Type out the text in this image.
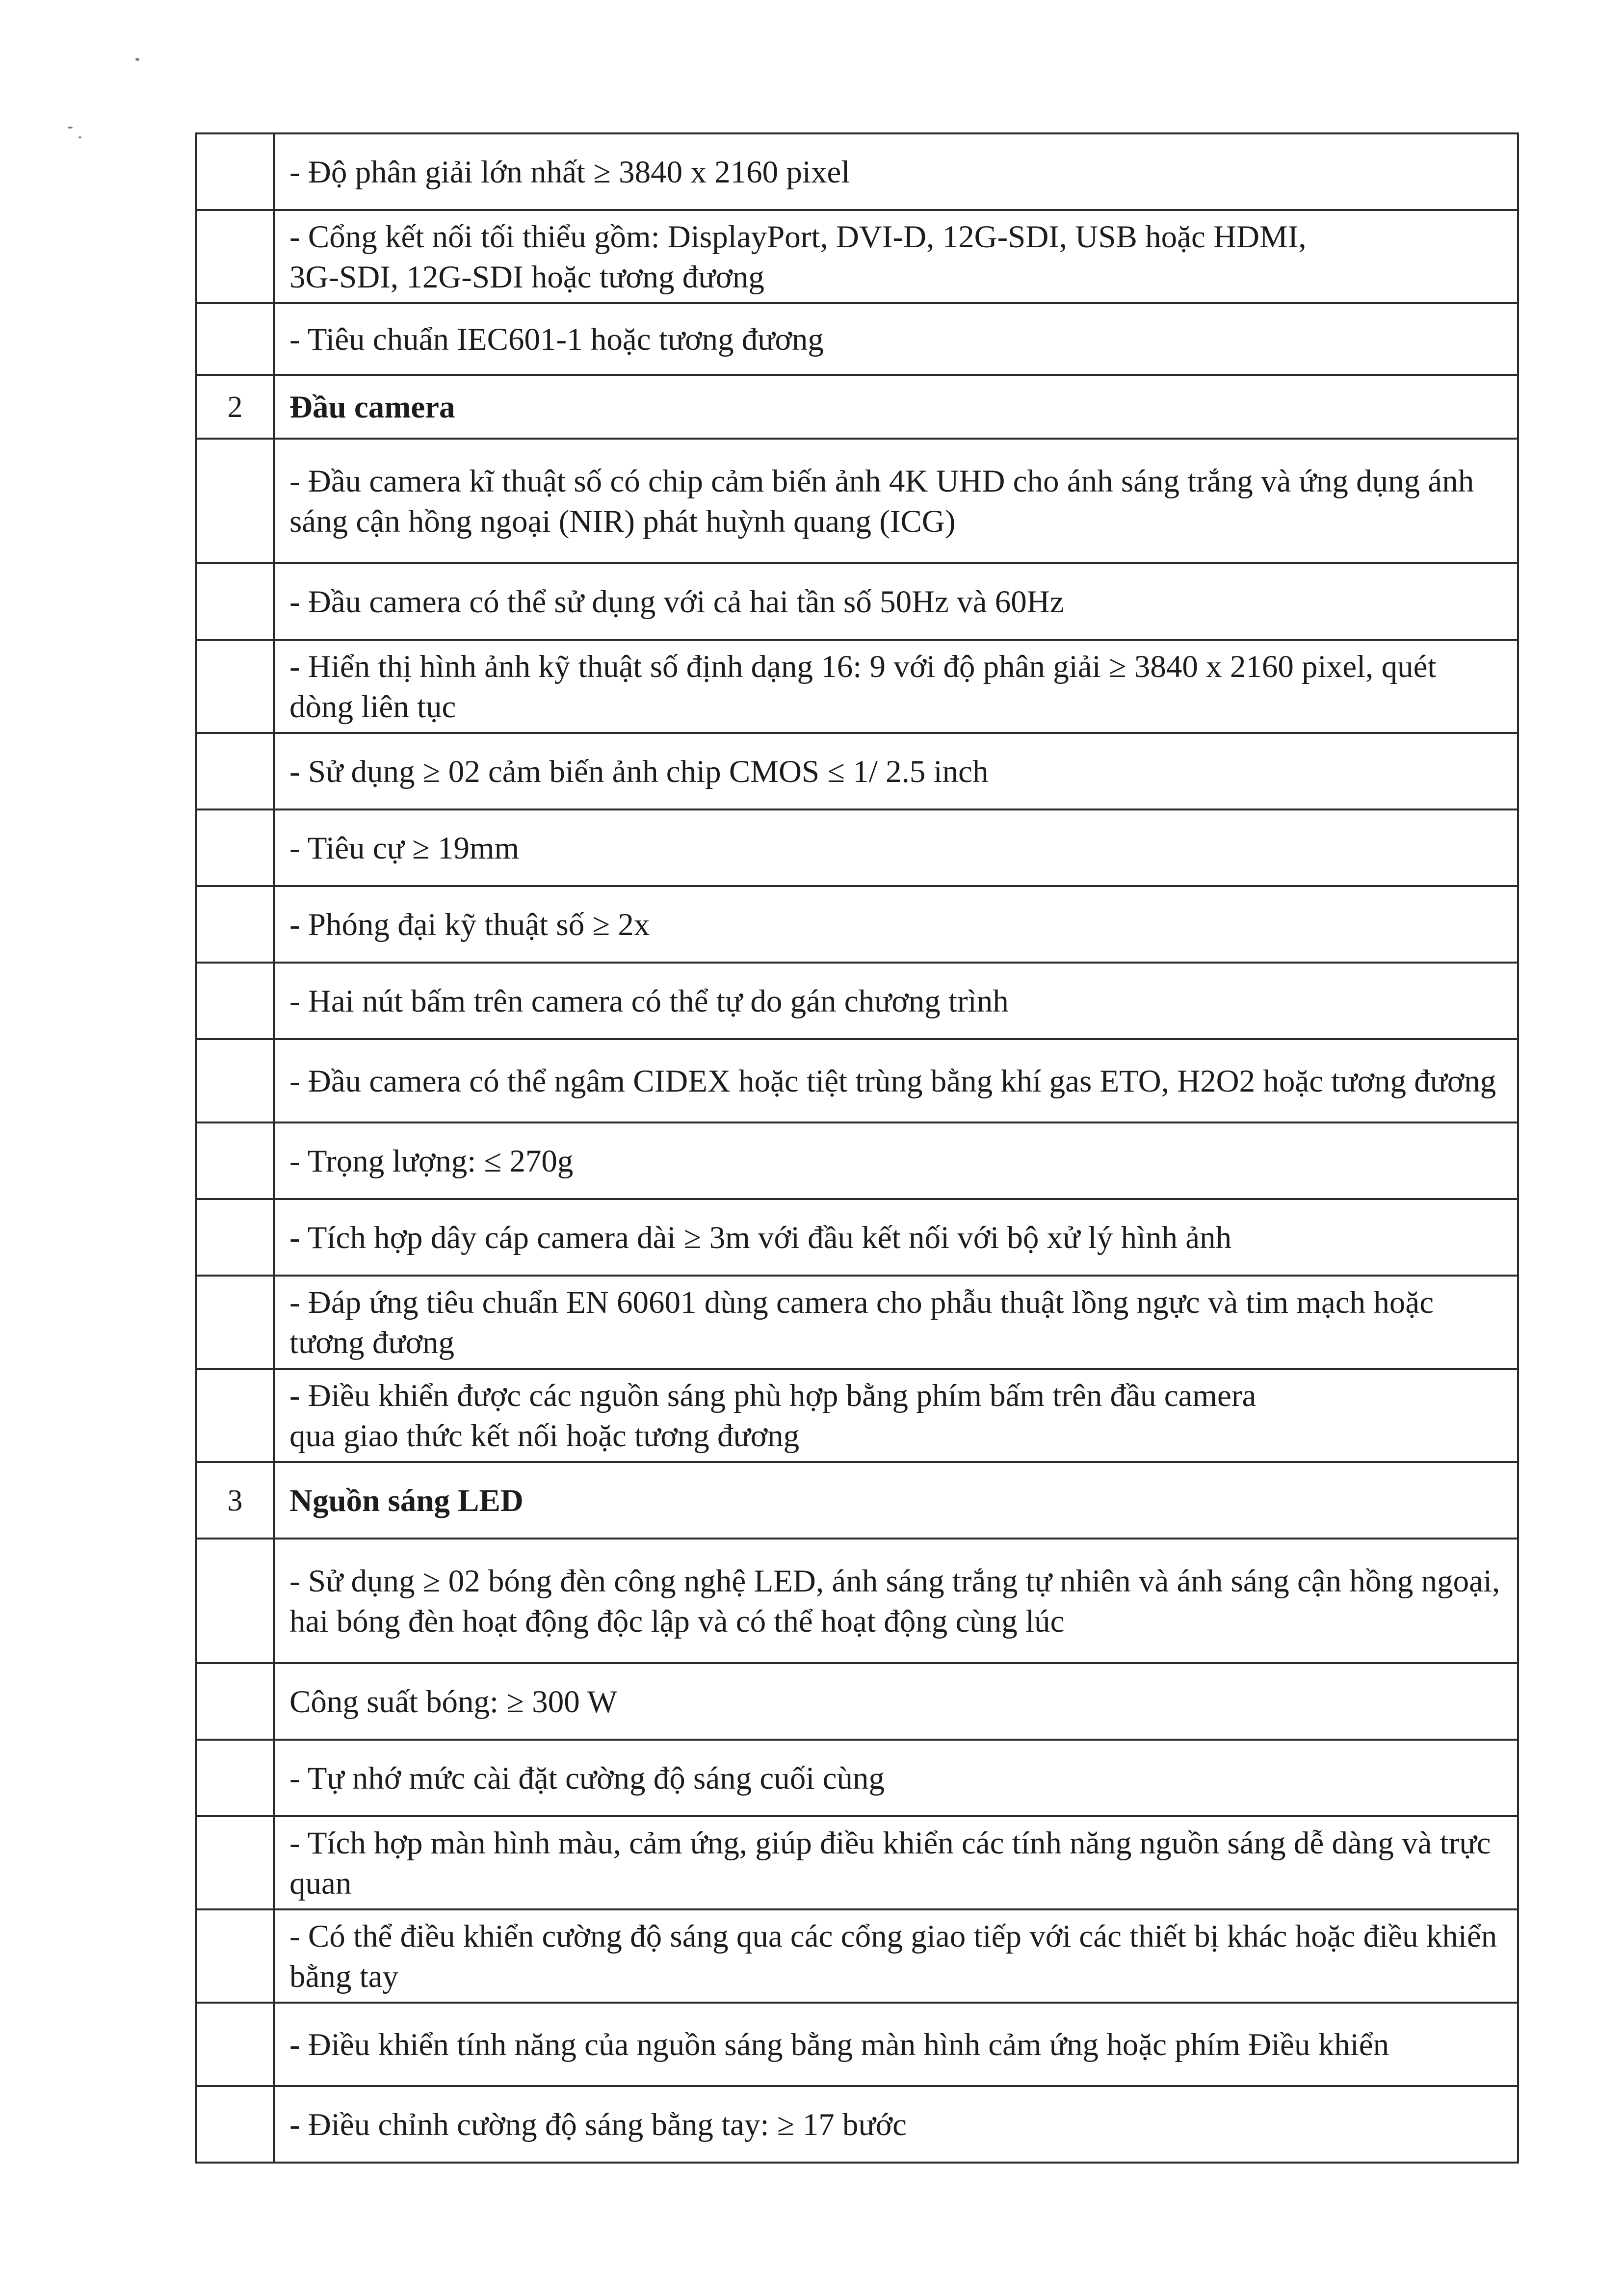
	- Độ phân giải lớn nhất ≥ 3840 x 2160 pixel
	- Cổng kết nối tối thiểu gồm: DisplayPort, DVI-D, 12G-SDI, USB hoặc HDMI,
3G-SDI, 12G-SDI hoặc tương đương
	- Tiêu chuẩn IEC601-1 hoặc tương đương
2	Đầu camera
	- Đầu camera kĩ thuật số có chip cảm biến ảnh 4K UHD cho ánh sáng trắng và ứng dụng ánh
sáng cận hồng ngoại (NIR) phát huỳnh quang (ICG)
	- Đầu camera có thể sử dụng với cả hai tần số 50Hz và 60Hz
	- Hiển thị hình ảnh kỹ thuật số định dạng 16: 9 với độ phân giải ≥ 3840 x 2160 pixel, quét dòng liên tục
	- Sử dụng ≥ 02 cảm biến ảnh chip CMOS ≤ 1/ 2.5 inch
	- Tiêu cự ≥ 19mm
	- Phóng đại kỹ thuật số ≥ 2x
	- Hai nút bấm trên camera có thể tự do gán chương trình
	- Đầu camera có thể ngâm CIDEX hoặc tiệt trùng bằng khí gas ETO, H2O2 hoặc tương đương
	- Trọng lượng: ≤ 270g
	- Tích hợp dây cáp camera dài ≥ 3m với đầu kết nối với bộ xử lý hình ảnh
	- Đáp ứng tiêu chuẩn EN 60601 dùng camera cho phẫu thuật lồng ngực và tim mạch hoặc tương đương
	- Điều khiển được các nguồn sáng phù hợp bằng phím bấm trên đầu camera
qua giao thức kết nối hoặc tương đương
3	Nguồn sáng LED
	- Sử dụng ≥ 02 bóng đèn công nghệ LED, ánh sáng trắng tự nhiên và ánh sáng cận hồng ngoại,
hai bóng đèn hoạt động độc lập và có thể hoạt động cùng lúc
	Công suất bóng: ≥ 300 W
	- Tự nhớ mức cài đặt cường độ sáng cuối cùng
	- Tích hợp màn hình màu, cảm ứng, giúp điều khiển các tính năng nguồn sáng dễ dàng và trực quan
	- Có thể điều khiển cường độ sáng qua các cổng giao tiếp với các thiết bị khác hoặc điều khiển bằng tay
	- Điều khiển tính năng của nguồn sáng bằng màn hình cảm ứng hoặc phím Điều khiển
	- Điều chỉnh cường độ sáng bằng tay: ≥ 17 bước
